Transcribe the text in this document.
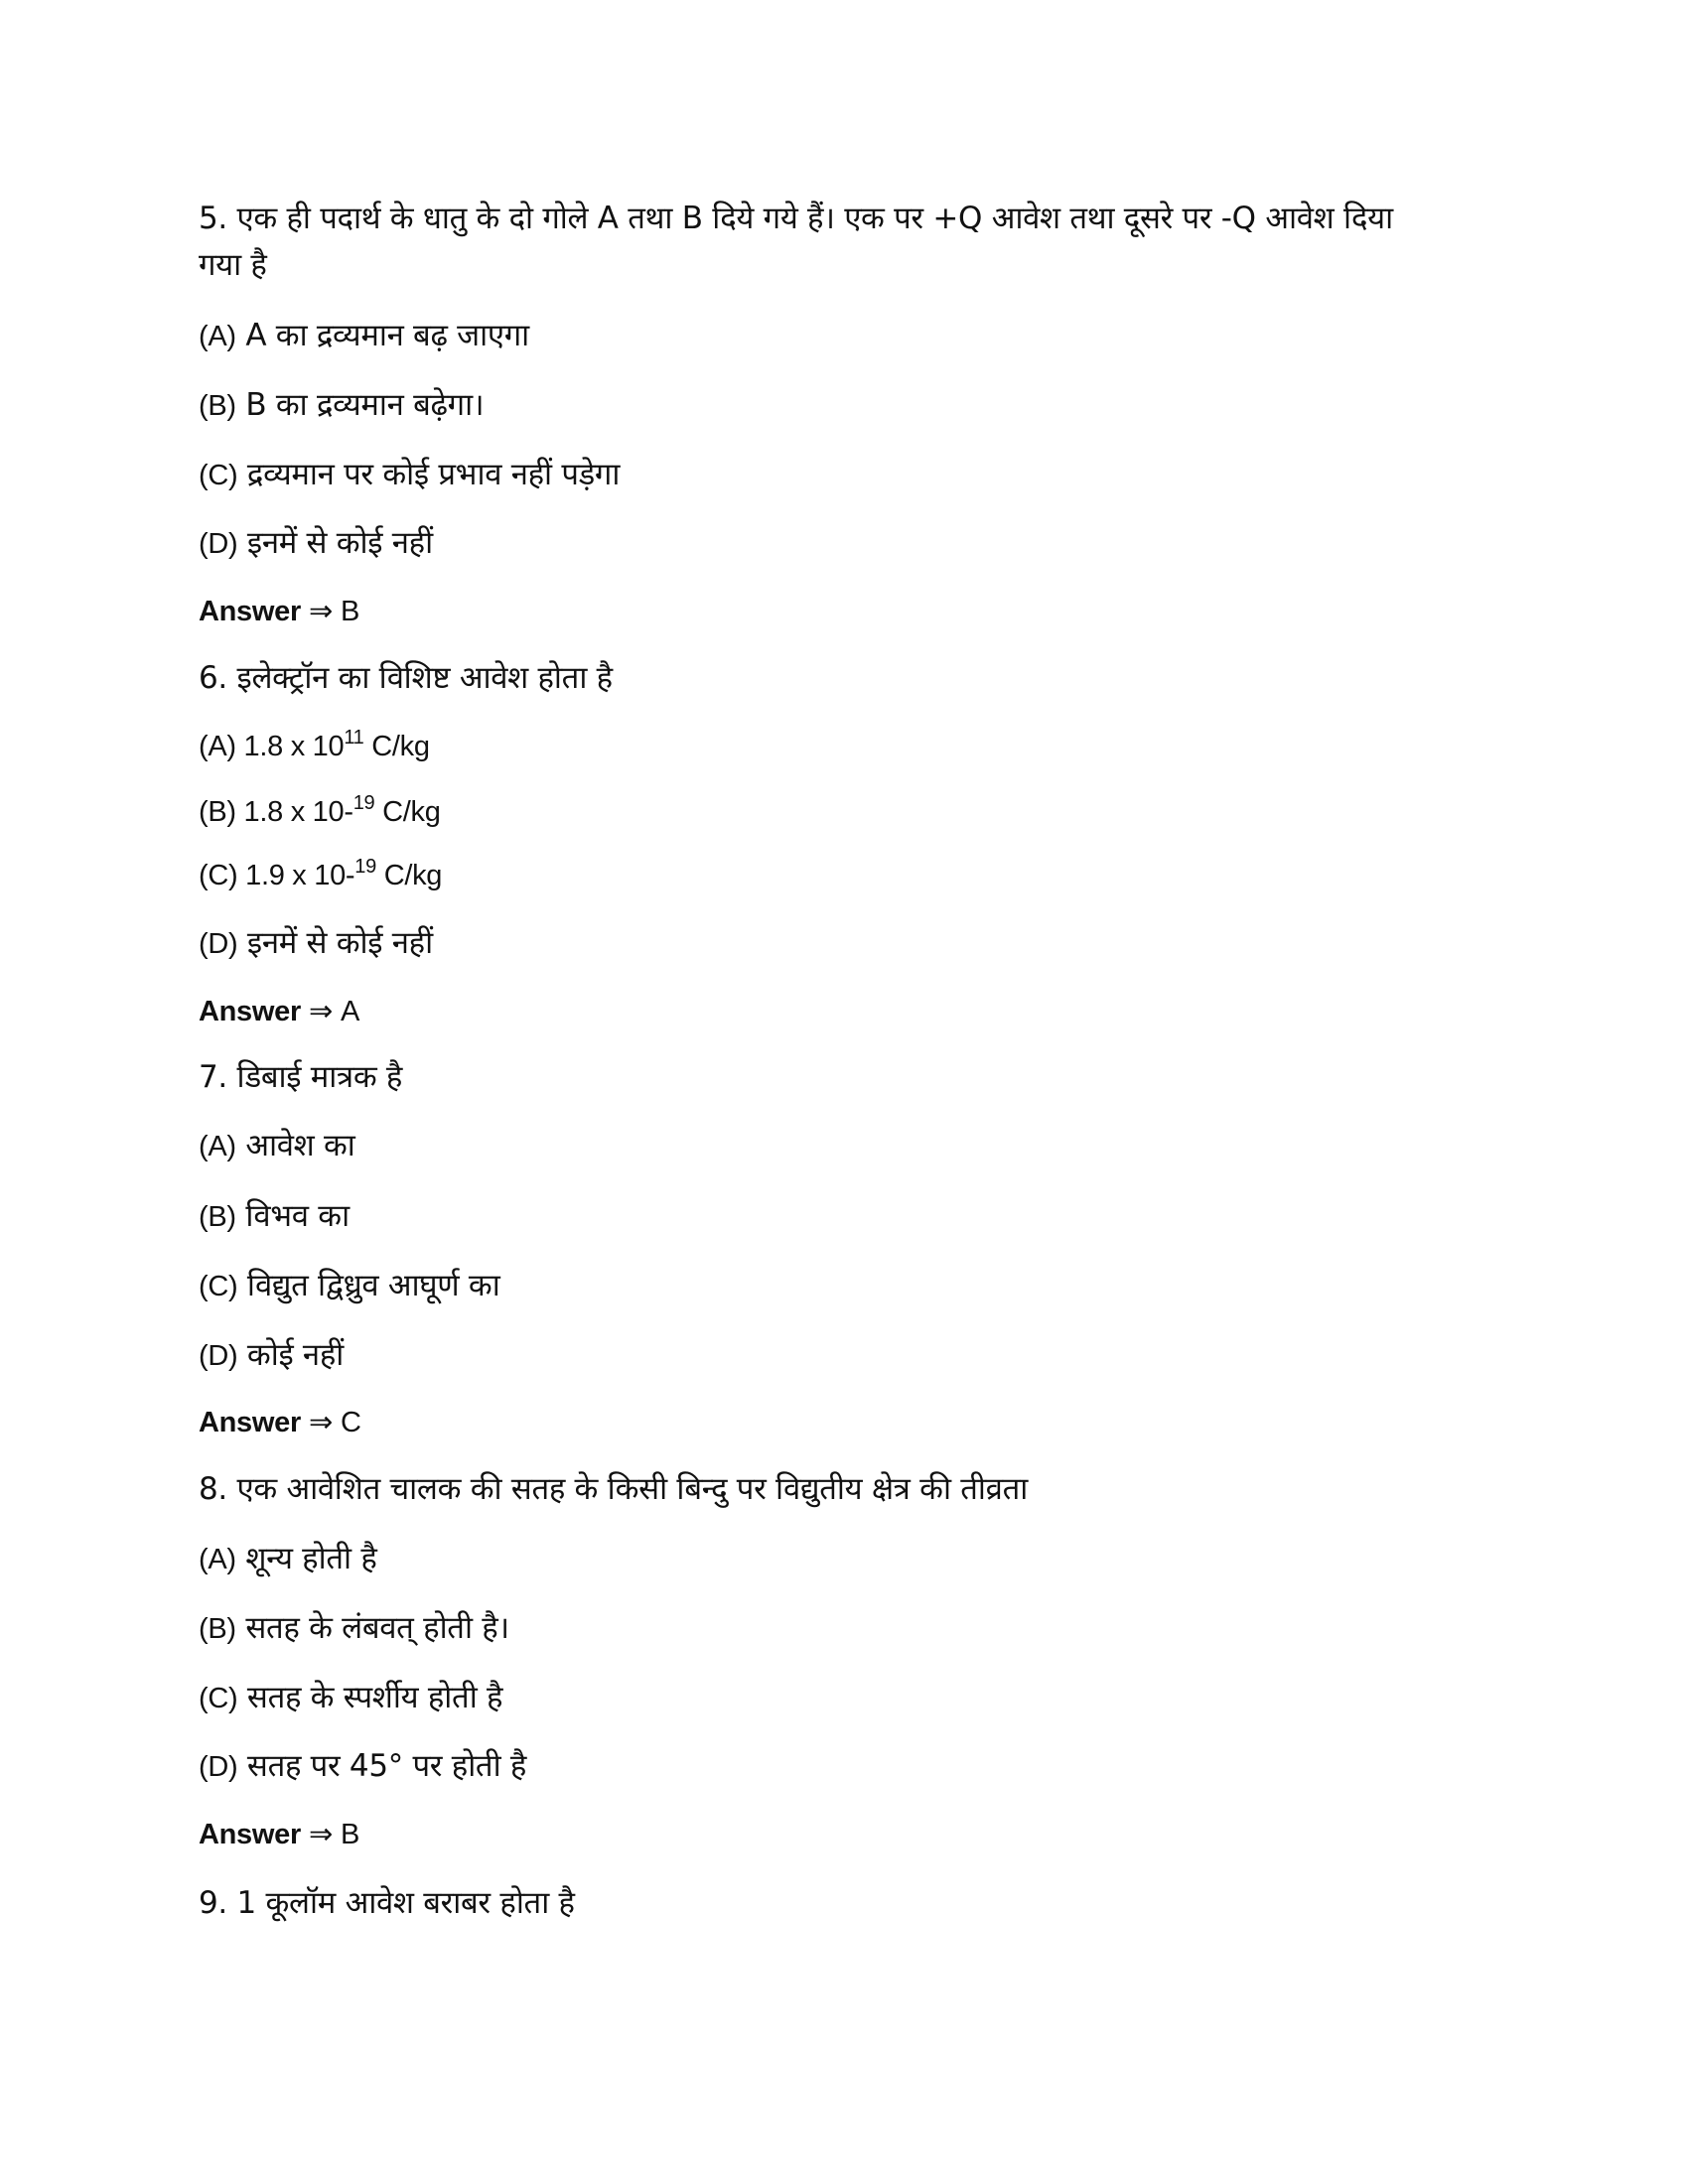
5. एक ही पदार्थ के धातु के दो गोले A तथा B दिये गये हैं। एक पर +Q आवेश तथा दूसरे पर -Q आवेश दिया
गया है
(A) A का द्रव्यमान बढ़ जाएगा
(B) B का द्रव्यमान बढ़ेगा।
(C) द्रव्यमान पर कोई प्रभाव नहीं पड़ेगा
(D) इनमें से कोई नहीं
Answer ⇒ B
6. इलेक्ट्रॉन का विशिष्ट आवेश होता है
(A) 1.8 x $10^{11}$ C/kg
(B) 1.8 x 10-$^{19}$ C/kg
(C) 1.9 x 10-$^{19}$ C/kg
(D) इनमें से कोई नहीं
Answer ⇒ A
7. डिबाई मात्रक है
(A) आवेश का
(B) विभव का
(C) विद्युत द्विध्रुव आघूर्ण का
(D) कोई नहीं
Answer ⇒ C
8. एक आवेशित चालक की सतह के किसी बिन्दु पर विद्युतीय क्षेत्र की तीव्रता
(A) शून्य होती है
(B) सतह के लंबवत् होती है।
(C) सतह के स्पर्शीय होती है
(D) सतह पर 45° पर होती है
Answer ⇒ B
9. 1 कूलॉम आवेश बराबर होता है
